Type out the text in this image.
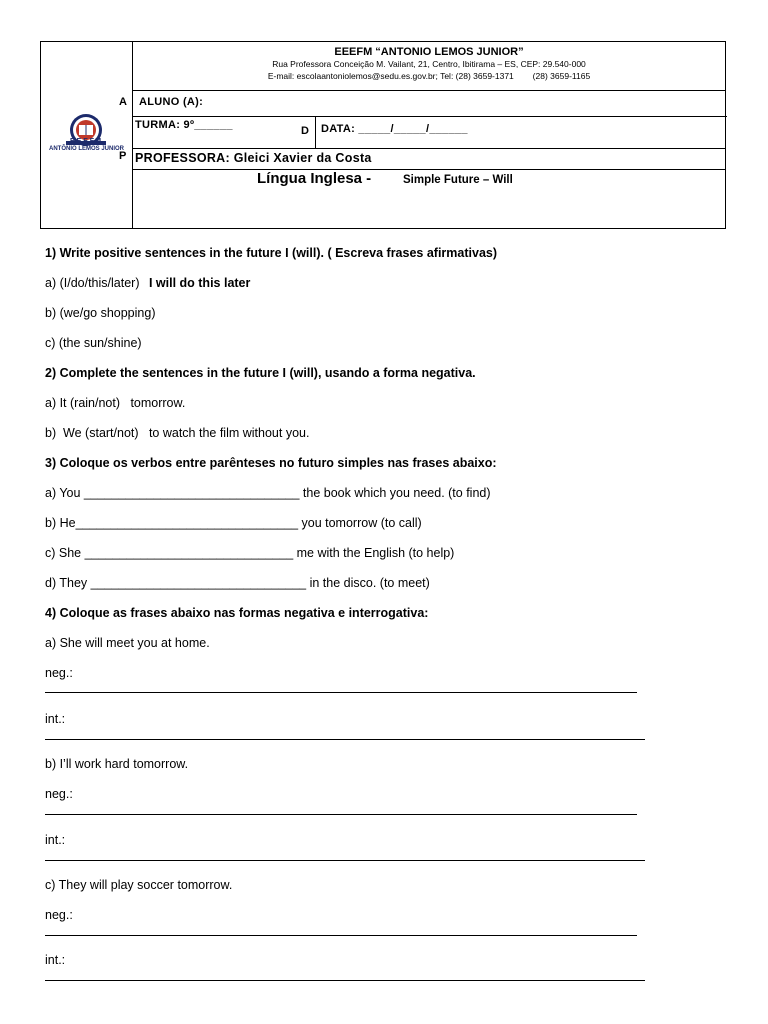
E.E.E.F.M.
ANTÔNIO LEMOS JUNIOR
A
P
EEEFM “ANTONIO LEMOS JUNIOR”
Rua Professora Conceição M. Vailant, 21, Centro, Ibitirama – ES, CEP: 29.540-000
E-mail: escolaantoniolemos@sedu.es.gov.br; Tel: (28) 3659-1371        (28) 3659-1165
ALUNO (A):
TURMA: 9º______	D DATA: _____/_____/______
PROFESSORA: Gleici Xavier da Costa
Língua Inglesa -	Simple Future – Will
1) Write positive sentences in the future I (will). ( Escreva frases afirmativas)
a) (I/do/this/later) I will do this later
b) (we/go shopping)
c) (the sun/shine)
2) Complete the sentences in the future I (will), usando a forma negativa.
a) It (rain/not)   tomorrow.
b)  We (start/not)   to watch the film without you.
3) Coloque os verbos entre parênteses no futuro simples nas frases abaixo:
a) You _______________________________ the book which you need. (to find)
b) He________________________________ you tomorrow (to call)
c) She ______________________________ me with the English (to help)
d) They _______________________________ in the disco. (to meet)
4) Coloque as frases abaixo nas formas negativa e interrogativa:
a) She will meet you at home.
neg.:
int.:
b) I’ll work hard tomorrow.
neg.:
int.:
c) They will play soccer tomorrow.
neg.:
int.:
